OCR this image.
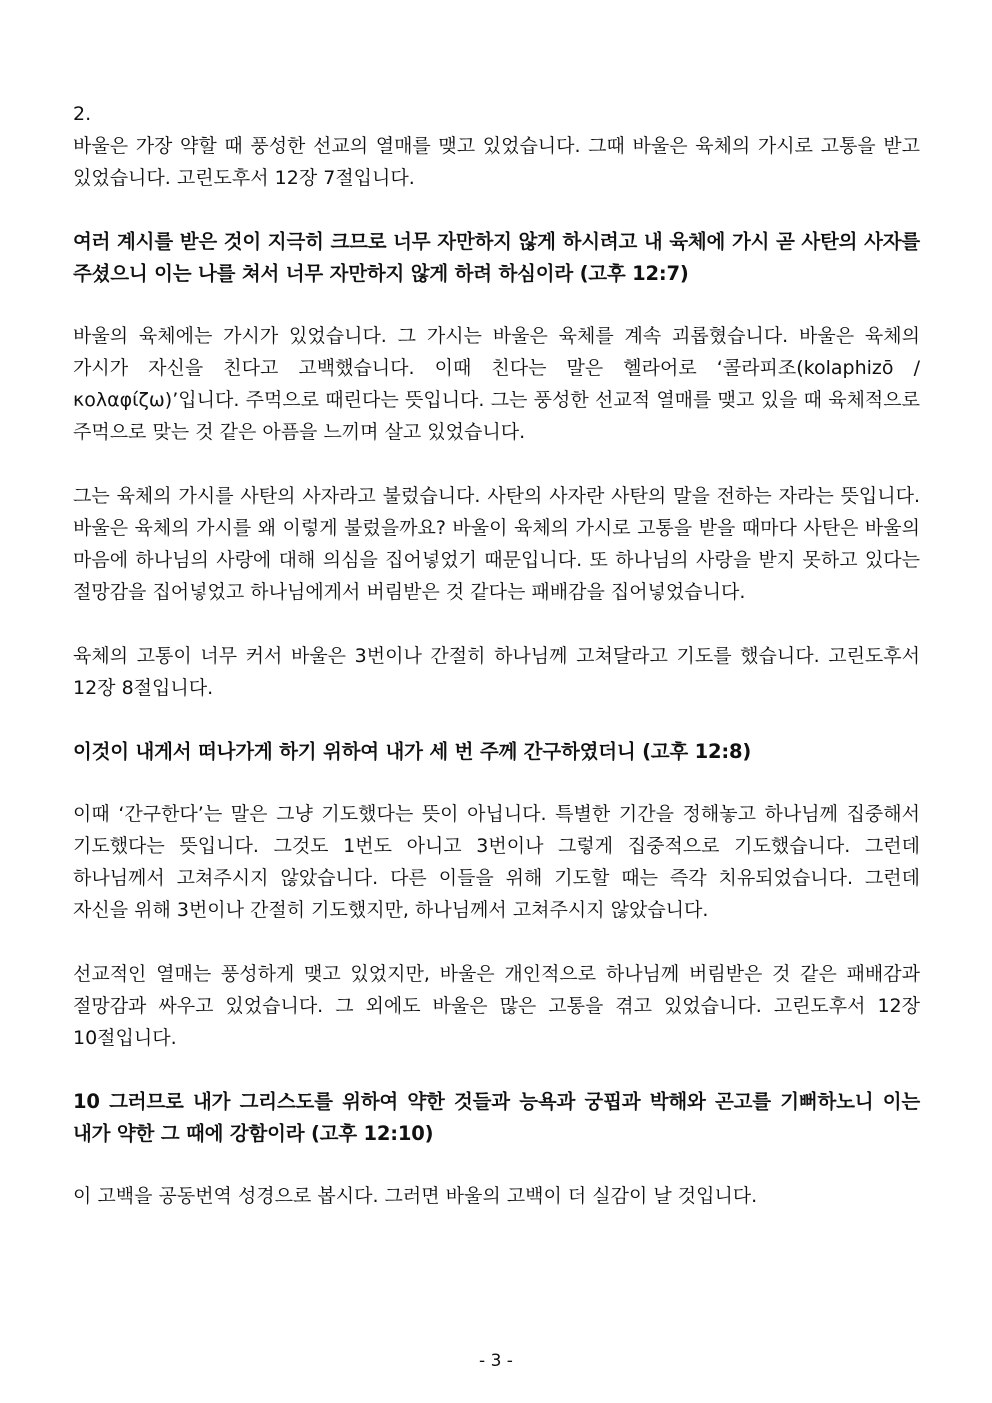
2.

바울은 가장 약할 때 풍성한 선교의 열매를 맺고 있었습니다. 그때 바울은 육체의 가시로 고통을 받고 있었습니다. 고린도후서 12장 7절입니다.

여러 계시를 받은 것이 지극히 크므로 너무 자만하지 않게 하시려고 내 육체에 가시 곧 사탄의 사자를 주셨으니 이는 나를 쳐서 너무 자만하지 않게 하려 하심이라 (고후 12:7)

바울의 육체에는 가시가 있었습니다. 그 가시는 바울은 육체를 계속 괴롭혔습니다. 바울은 육체의 가시가 자신을 친다고 고백했습니다. 이때 친다는 말은 헬라어로 ‘콜라피조(kolaphizō / κολαφίζω)’입니다. 주먹으로 때린다는 뜻입니다. 그는 풍성한 선교적 열매를 맺고 있을 때 육체적으로 주먹으로 맞는 것 같은 아픔을 느끼며 살고 있었습니다.

그는 육체의 가시를 사탄의 사자라고 불렀습니다. 사탄의 사자란 사탄의 말을 전하는 자라는 뜻입니다. 바울은 육체의 가시를 왜 이렇게 불렀을까요? 바울이 육체의 가시로 고통을 받을 때마다 사탄은 바울의 마음에 하나님의 사랑에 대해 의심을 집어넣었기 때문입니다. 또 하나님의 사랑을 받지 못하고 있다는 절망감을 집어넣었고 하나님에게서 버림받은 것 같다는 패배감을 집어넣었습니다.

육체의 고통이 너무 커서 바울은 3번이나 간절히 하나님께 고쳐달라고 기도를 했습니다. 고린도후서 12장 8절입니다.

이것이 내게서 떠나가게 하기 위하여 내가 세 번 주께 간구하였더니 (고후 12:8)

이때 ‘간구한다’는 말은 그냥 기도했다는 뜻이 아닙니다. 특별한 기간을 정해놓고 하나님께 집중해서 기도했다는 뜻입니다. 그것도 1번도 아니고 3번이나 그렇게 집중적으로 기도했습니다. 그런데 하나님께서 고쳐주시지 않았습니다. 다른 이들을 위해 기도할 때는 즉각 치유되었습니다. 그런데 자신을 위해 3번이나 간절히 기도했지만, 하나님께서 고쳐주시지 않았습니다.

선교적인 열매는 풍성하게 맺고 있었지만, 바울은 개인적으로 하나님께 버림받은 것 같은 패배감과 절망감과 싸우고 있었습니다. 그 외에도 바울은 많은 고통을 겪고 있었습니다. 고린도후서 12장 10절입니다.

10 그러므로 내가 그리스도를 위하여 약한 것들과 능욕과 궁핍과 박해와 곤고를 기뻐하노니 이는 내가 약한 그 때에 강함이라 (고후 12:10)

이 고백을 공동번역 성경으로 봅시다. 그러면 바울의 고백이 더 실감이 날 것입니다.

- 3 -
